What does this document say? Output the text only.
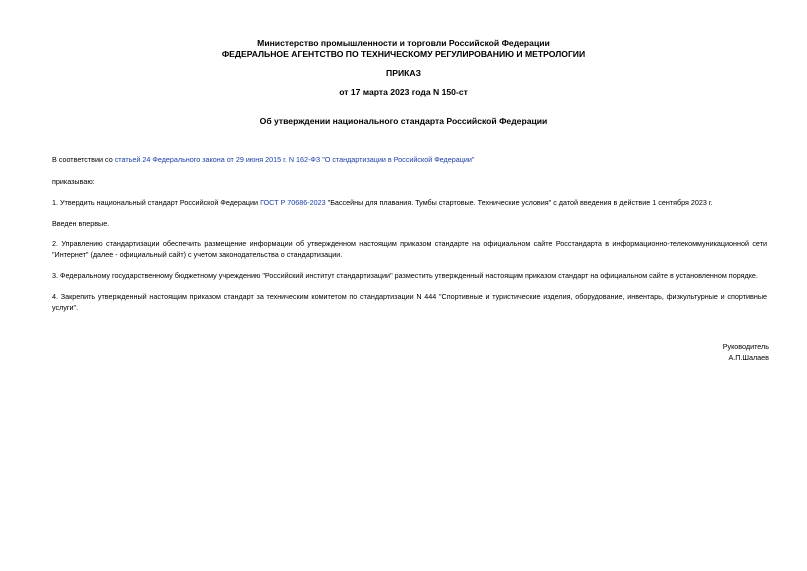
Министерство промышленности и торговли Российской Федерации
ФЕДЕРАЛЬНОЕ АГЕНТСТВО ПО ТЕХНИЧЕСКОМУ РЕГУЛИРОВАНИЮ И МЕТРОЛОГИИ
ПРИКАЗ
от 17 марта 2023 года N 150-ст
Об утверждении национального стандарта Российской Федерации
В соответствии со статьей 24 Федерального закона от 29 июня 2015 г. N 162-ФЗ "О стандартизации в Российской Федерации"
приказываю:
1. Утвердить национальный стандарт Российской Федерации ГОСТ Р 70686-2023 "Бассейны для плавания. Тумбы стартовые. Технические условия" с датой введения в действие 1 сентября 2023 г.
Введен впервые.
2. Управлению стандартизации обеспечить размещение информации об утвержденном настоящим приказом стандарте на официальном сайте Росстандарта в информационно-телекоммуникационной сети "Интернет" (далее - официальный сайт) с учетом законодательства о стандартизации.
3. Федеральному государственному бюджетному учреждению "Российский институт стандартизации" разместить утвержденный настоящим приказом стандарт на официальном сайте в установленном порядке.
4. Закрепить утвержденный настоящим приказом стандарт за техническим комитетом по стандартизации N 444 "Спортивные и туристические изделия, оборудование, инвентарь, физкультурные и спортивные услуги".
Руководитель
А.П.Шалаев
